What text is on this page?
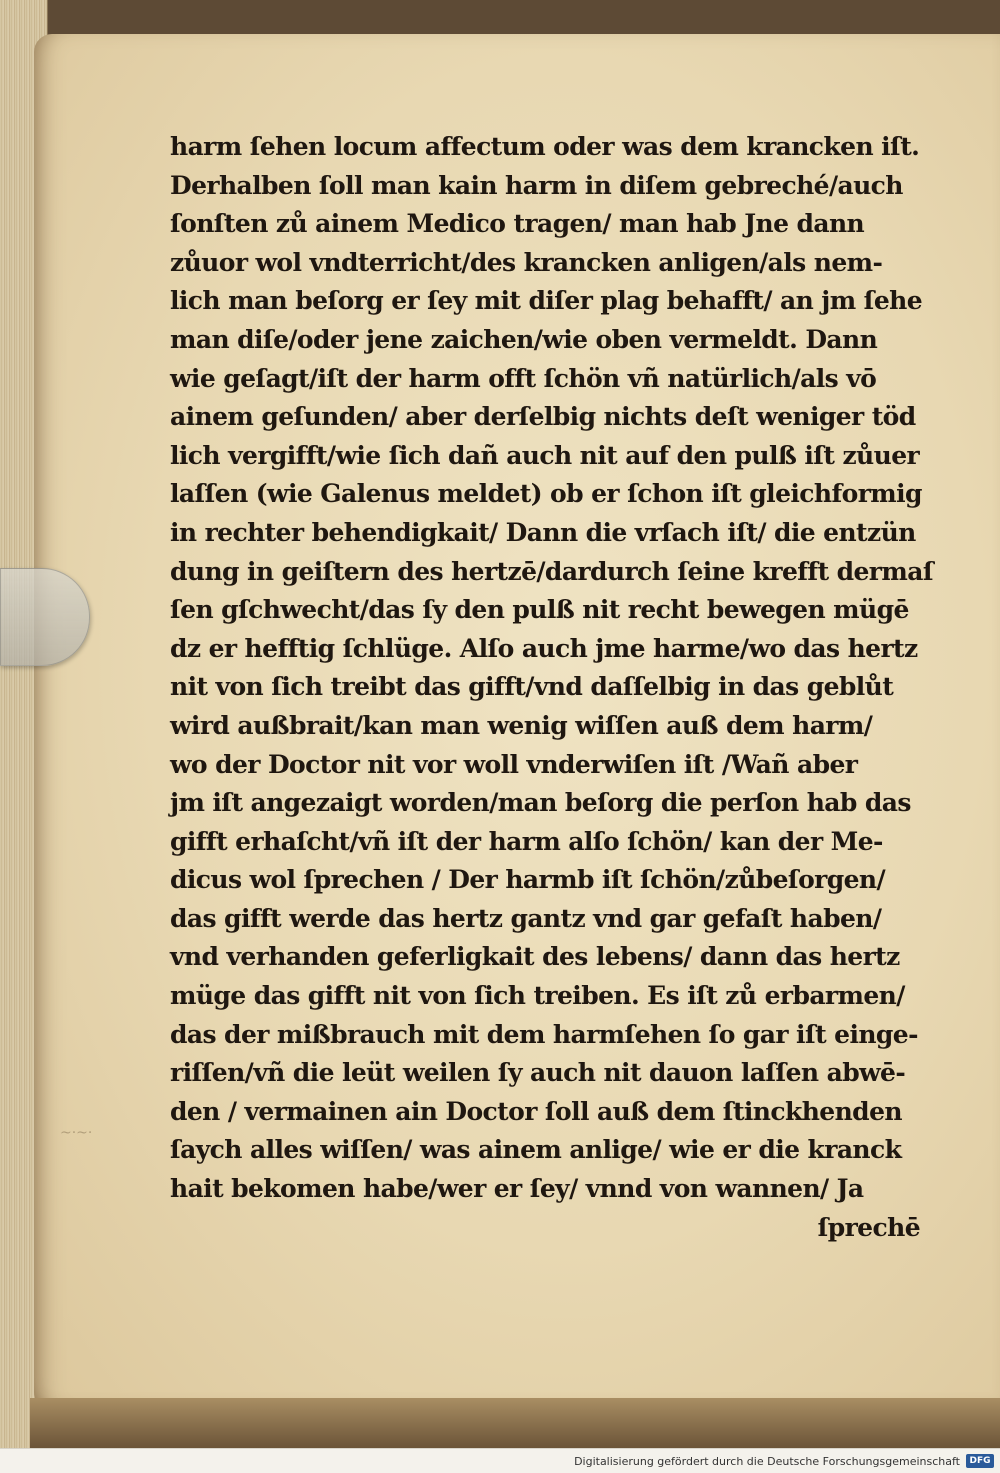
~·~·
harm ſehen locum affectum oder was dem krancken iſt.
Derhalben ſoll man kain harm in diſem gebreché/auch
ſonſten zů ainem Medico tragen/ man hab Jne dann
zůuor wol vndterricht/des krancken anligen/als nem-
lich man beſorg er ſey mit diſer plag behafft/ an jm ſehe
man diſe/oder jene zaichen/wie oben vermeldt. Dann
wie geſagt/iſt der harm offt ſchön vñ natürlich/als vō
ainem geſunden/ aber derſelbig nichts deſt weniger töd
lich vergifft/wie ſich dañ auch nit auf den pulß iſt zůuer
laſſen (wie Galenus meldet) ob er ſchon iſt gleichformig
in rechter behendigkait/ Dann die vrſach iſt/ die entzün
dung in geiſtern des hertzē/dardurch ſeine krefft dermaſ
ſen gſchwecht/das ſy den pulß nit recht bewegen mügē
dz er hefftig ſchlüge. Alſo auch jme harme/wo das hertz
nit von ſich treibt das gifft/vnd daſſelbig in das geblůt
wird außbrait/kan man wenig wiſſen auß dem harm/
wo der Doctor nit vor woll vnderwiſen iſt /Wañ aber
jm iſt angezaigt worden/man beſorg die perſon hab das
gifft erhaſcht/vñ iſt der harm alſo ſchön/ kan der Me-
dicus wol ſprechen / Der harmb iſt ſchön/zůbeſorgen/
das gifft werde das hertz gantz vnd gar gefaſt haben/
vnd verhanden geferligkait des lebens/ dann das hertz
müge das gifft nit von ſich treiben. Es iſt zů erbarmen/
das der mißbrauch mit dem harmſehen ſo gar iſt einge-
riſſen/vñ die leüt weilen ſy auch nit dauon laſſen abwē-
den / vermainen ain Doctor ſoll auß dem ſtinckhenden
ſaych alles wiſſen/ was ainem anlige/ wie er die kranck
hait bekomen habe/wer er ſey/ vnnd von wannen/ Ja
ſprechē
Digitalisierung gefördert durch die Deutsche Forschungsgemeinschaft	DFG
